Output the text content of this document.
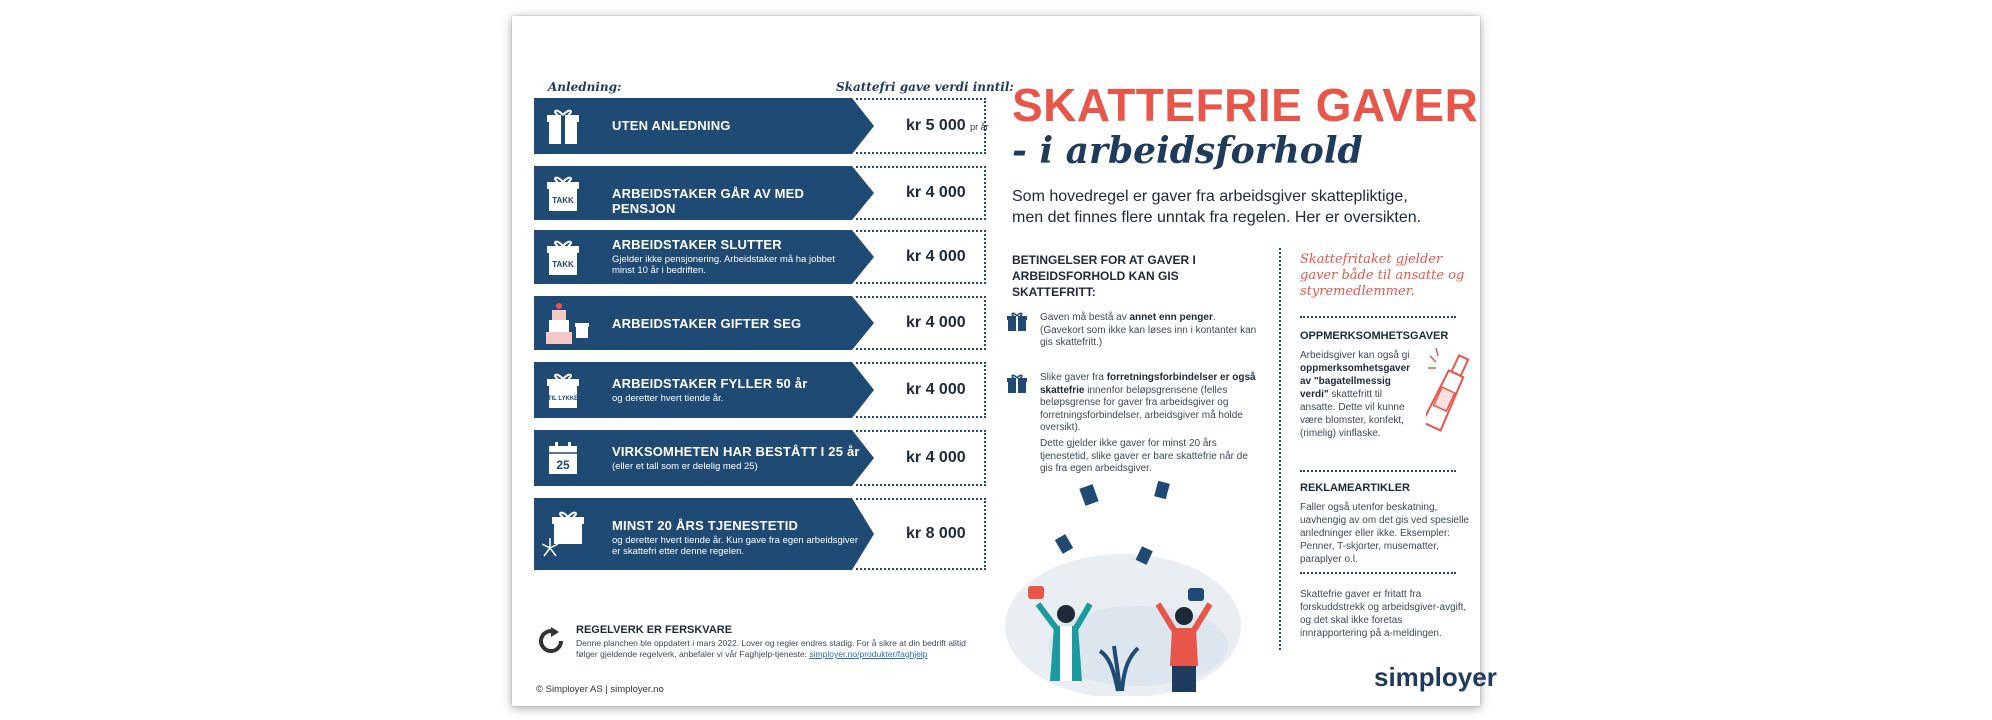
Anledning:	Skattefri gave verdi inntil:
UTEN ANLEDNING	kr 5 000 pr år
TAKK	ARBEIDSTAKER GÅR AV MED PENSJON
kr 4 000
TAKK
ARBEIDSTAKER SLUTTER
Gjelder ikke pensjonering. Arbeidstaker må ha jobbet minst 10 år i bedriften.
kr 4 000
ARBEIDSTAKER GIFTER SEG	kr 4 000
TIL LYKKE
ARBEIDSTAKER FYLLER 50 år
og deretter hvert tiende år.
kr 4 000
25
VIRKSOMHETEN HAR BESTÅTT I 25 år
(eller et tall som er delelig med 25)
kr 4 000
MINST 20 ÅRS TJENESTETID
og deretter hvert tiende år. Kun gave fra egen arbeidsgiver er skattefri etter denne regelen.
kr 8 000
REGELVERK ER FERSKVARE
Denne planchen ble oppdatert i mars 2022. Lover og regler endres stadig. For å sikre at din bedrift alltid følger gjeldende regelverk, anbefaler vi vår Faghjelp-tjeneste: simployer.no/produkter/faghjelp
© Simployer AS | simployer.no
SKATTEFRIE GAVER
- i arbeidsforhold
Som hovedregel er gaver fra arbeidsgiver skattepliktige, men det finnes flere unntak fra regelen. Her er oversikten.
BETINGELSER FOR AT GAVER I ARBEIDSFORHOLD KAN GIS SKATTEFRITT:
Gaven må bestå av annet enn penger. (Gavekort som ikke kan løses inn i kontanter kan gis skattefritt.)
Slike gaver fra forretningsforbindelser er også skattefrie innenfor beløpsgrensene (felles beløpsgrense for gaver fra arbeidsgiver og forretningsforbindelser, arbeidsgiver må holde oversikt).
Dette gjelder ikke gaver for minst 20 års tjenestetid, slike gaver er bare skattefrie når de gis fra egen arbeidsgiver.
Skattefritaket gjelder gaver både til ansatte og styremedlemmer.
OPPMERKSOMHETSGAVER
Arbeidsgiver kan også gi oppmerksomhetsgaver av "bagatellmessig verdi" skattefritt til ansatte. Dette vil kunne være blomster, konfekt, (rimelig) vinflaske.
REKLAMEARTIKLER
Faller også utenfor beskatning, uavhengig av om det gis ved spesielle anledninger eller ikke. Eksempler: Penner, T-skjorter, musematter, paraplyer o.l.
Skattefrie gaver er fritatt fra forskuddstrekk og arbeidsgiver-avgift, og det skal ikke foretas innrapportering på a-meldingen.
simployer
